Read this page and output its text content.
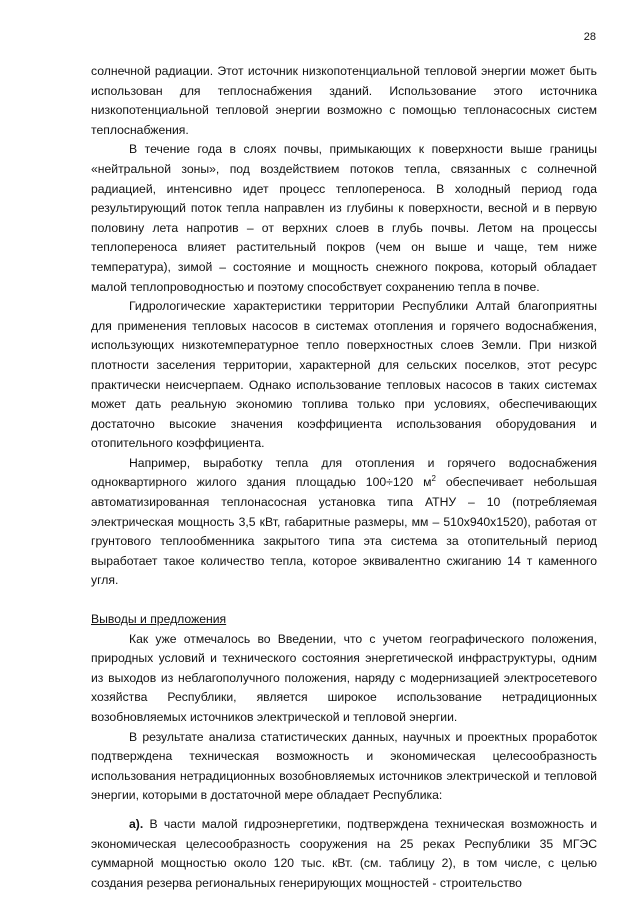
28

солнечной радиации. Этот источник низкопотенциальной тепловой энергии может быть использован для теплоснабжения зданий. Использование этого источника низкопотенциальной тепловой энергии возможно с помощью теплонасосных систем теплоснабжения.

В течение года в слоях почвы, примыкающих к поверхности выше границы «нейтральной зоны», под воздействием потоков тепла, связанных с солнечной радиацией, интенсивно идет процесс теплопереноса. В холодный период года результирующий поток тепла направлен из глубины к поверхности, весной и в первую половину лета напротив – от верхних слоев в глубь почвы. Летом на процессы теплопереноса влияет растительный покров (чем он выше и чаще, тем ниже температура), зимой – состояние и мощность снежного покрова, который обладает малой теплопроводностью и поэтому способствует сохранению тепла в почве.

Гидрологические характеристики территории Республики Алтай благоприятны для применения тепловых насосов в системах отопления и горячего водоснабжения, использующих низкотемпературное тепло поверхностных слоев Земли. При низкой плотности заселения территории, характерной для сельских поселков, этот ресурс практически неисчерпаем. Однако использование тепловых насосов в таких системах может дать реальную экономию топлива только при условиях, обеспечивающих достаточно высокие значения коэффициента использования оборудования и отопительного коэффициента.

Например, выработку тепла для отопления и горячего водоснабжения одноквартирного жилого здания площадью 100÷120 $м^2$ обеспечивает небольшая автоматизированная теплонасосная установка типа АТНУ – 10 (потребляемая электрическая мощность 3,5 кВт, габаритные размеры, мм – 510х940х1520), работая от грунтового теплообменника закрытого типа эта система за отопительный период выработает такое количество тепла, которое эквивалентно сжиганию 14 т каменного угля.

Выводы и предложения

Как уже отмечалось во Введении, что с учетом географического положения, природных условий и технического состояния энергетической инфраструктуры, одним из выходов из неблагополучного положения, наряду с модернизацией электросетевого хозяйства Республики, является широкое использование нетрадиционных возобновляемых источников электрической и тепловой энергии.

В результате анализа статистических данных, научных и проектных проработок подтверждена техническая возможность и экономическая целесообразность использования нетрадиционных возобновляемых источников электрической и тепловой энергии, которыми в достаточной мере обладает Республика:

а). В части малой гидроэнергетики, подтверждена техническая возможность и экономическая целесообразность сооружения на 25 реках Республики 35 МГЭС суммарной мощностью около 120 тыс. кВт. (см. таблицу 2), в том числе, с целью создания резерва региональных генерирующих мощностей - строительство
